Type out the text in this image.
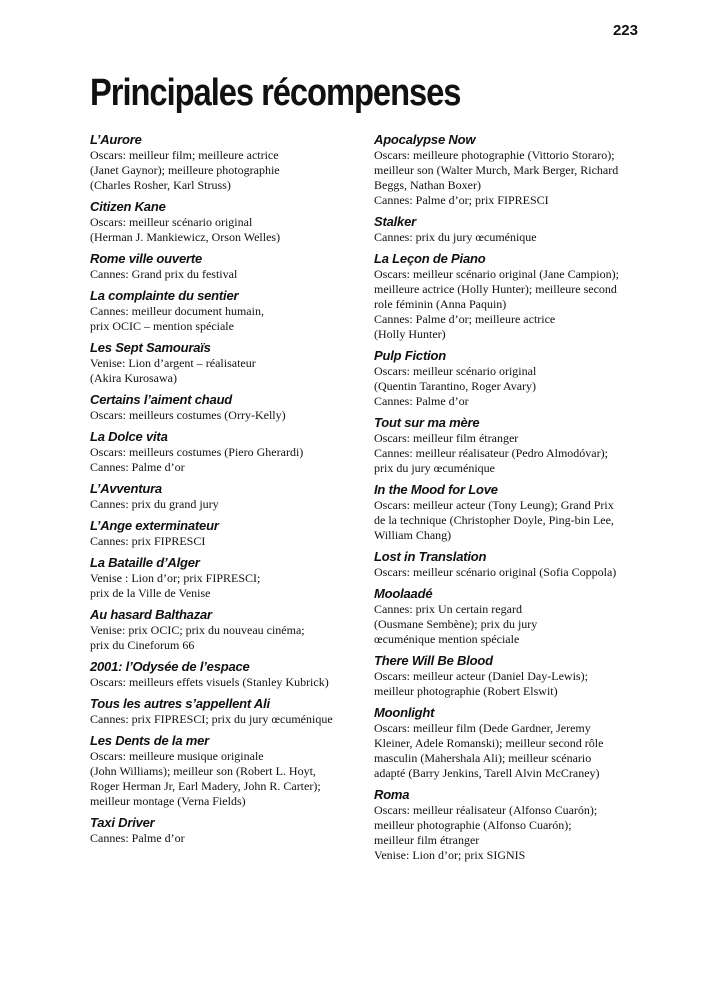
223
Principales récompenses
L’Aurore
Oscars: meilleur film; meilleure actrice
(Janet Gaynor); meilleure photographie
(Charles Rosher, Karl Struss)
Citizen Kane
Oscars: meilleur scénario original
(Herman J. Mankiewicz, Orson Welles)
Rome ville ouverte
Cannes: Grand prix du festival
La complainte du sentier
Cannes: meilleur document humain,
prix OCIC – mention spéciale
Les Sept Samouraïs
Venise: Lion d’argent – réalisateur
(Akira Kurosawa)
Certains l’aiment chaud
Oscars: meilleurs costumes (Orry-Kelly)
La Dolce vita
Oscars: meilleurs costumes (Piero Gherardi)
Cannes: Palme d’or
L’Avventura
Cannes: prix du grand jury
L’Ange exterminateur
Cannes: prix FIPRESCI
La Bataille d’Alger
Venise : Lion d’or; prix FIPRESCI;
prix de la Ville de Venise
Au hasard Balthazar
Venise: prix OCIC; prix du nouveau cinéma;
prix du Cineforum 66
2001: l’Odysée de l’espace
Oscars: meilleurs effets visuels (Stanley Kubrick)
Tous les autres s’appellent Ali
Cannes: prix FIPRESCI; prix du jury œcuménique
Les Dents de la mer
Oscars: meilleure musique originale
(John Williams); meilleur son (Robert L. Hoyt,
Roger Herman Jr, Earl Madery, John R. Carter);
meilleur montage (Verna Fields)
Taxi Driver
Cannes: Palme d’or
Apocalypse Now
Oscars: meilleure photographie (Vittorio Storaro);
meilleur son (Walter Murch, Mark Berger, Richard
Beggs, Nathan Boxer)
Cannes: Palme d’or; prix FIPRESCI
Stalker
Cannes: prix du jury œcuménique
La Leçon de Piano
Oscars: meilleur scénario original (Jane Campion);
meilleure actrice (Holly Hunter); meilleure second
role féminin (Anna Paquin)
Cannes: Palme d’or; meilleure actrice
(Holly Hunter)
Pulp Fiction
Oscars: meilleur scénario original
(Quentin Tarantino, Roger Avary)
Cannes: Palme d’or
Tout sur ma mère
Oscars: meilleur film étranger
Cannes: meilleur réalisateur (Pedro Almodóvar);
prix du jury œcuménique
In the Mood for Love
Oscars: meilleur acteur (Tony Leung); Grand Prix
de la technique (Christopher Doyle, Ping-bin Lee,
William Chang)
Lost in Translation
Oscars: meilleur scénario original (Sofia Coppola)
Moolaadé
Cannes: prix Un certain regard
(Ousmane Sembène); prix du jury
œcuménique mention spéciale
There Will Be Blood
Oscars: meilleur acteur (Daniel Day-Lewis);
meilleur photographie (Robert Elswit)
Moonlight
Oscars: meilleur film (Dede Gardner, Jeremy
Kleiner, Adele Romanski); meilleur second rôle
masculin (Mahershala Ali); meilleur scénario
adapté (Barry Jenkins, Tarell Alvin McCraney)
Roma
Oscars: meilleur réalisateur (Alfonso Cuarón);
meilleur photographie (Alfonso Cuarón);
meilleur film étranger
Venise: Lion d’or; prix SIGNIS
